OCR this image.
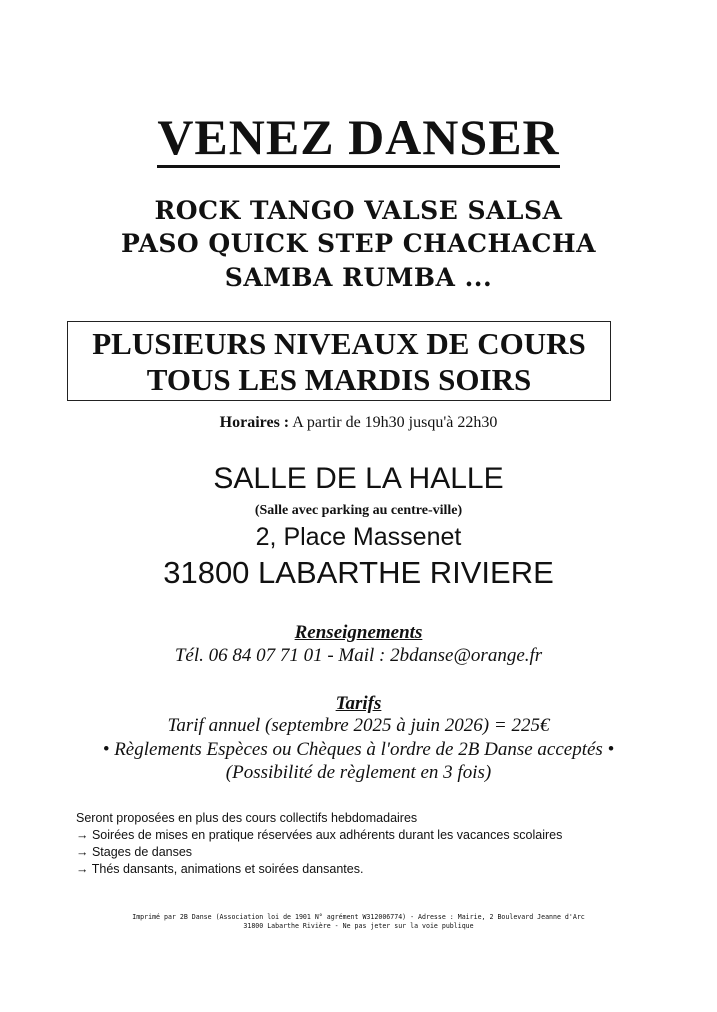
VENEZ DANSER
ROCK TANGO VALSE SALSA
PASO QUICK STEP CHACHACHA
SAMBA RUMBA ...
PLUSIEURS NIVEAUX DE COURS
TOUS LES MARDIS SOIRS
Horaires : A partir de 19h30 jusqu'à 22h30
SALLE DE LA HALLE
(Salle avec parking au centre-ville)
2, Place Massenet
31800 LABARTHE RIVIERE
Renseignements
Tél. 06 84 07 71 01 - Mail : 2bdanse@orange.fr
Tarifs
Tarif annuel (septembre 2025 à juin 2026) = 225€
• Règlements Espèces ou Chèques à l'ordre de 2B Danse acceptés •
(Possibilité de règlement en 3 fois)
Seront proposées en plus des cours collectifs hebdomadaires
→ Soirées de mises en pratique réservées aux adhérents durant les vacances scolaires
→ Stages de danses
→ Thés dansants, animations et soirées dansantes.
Imprimé par 2B Danse (Association loi de 1901 N° agrément W312006774) - Adresse : Mairie, 2 Boulevard Jeanne d'Arc
31800 Labarthe Rivière - Ne pas jeter sur la voie publique
